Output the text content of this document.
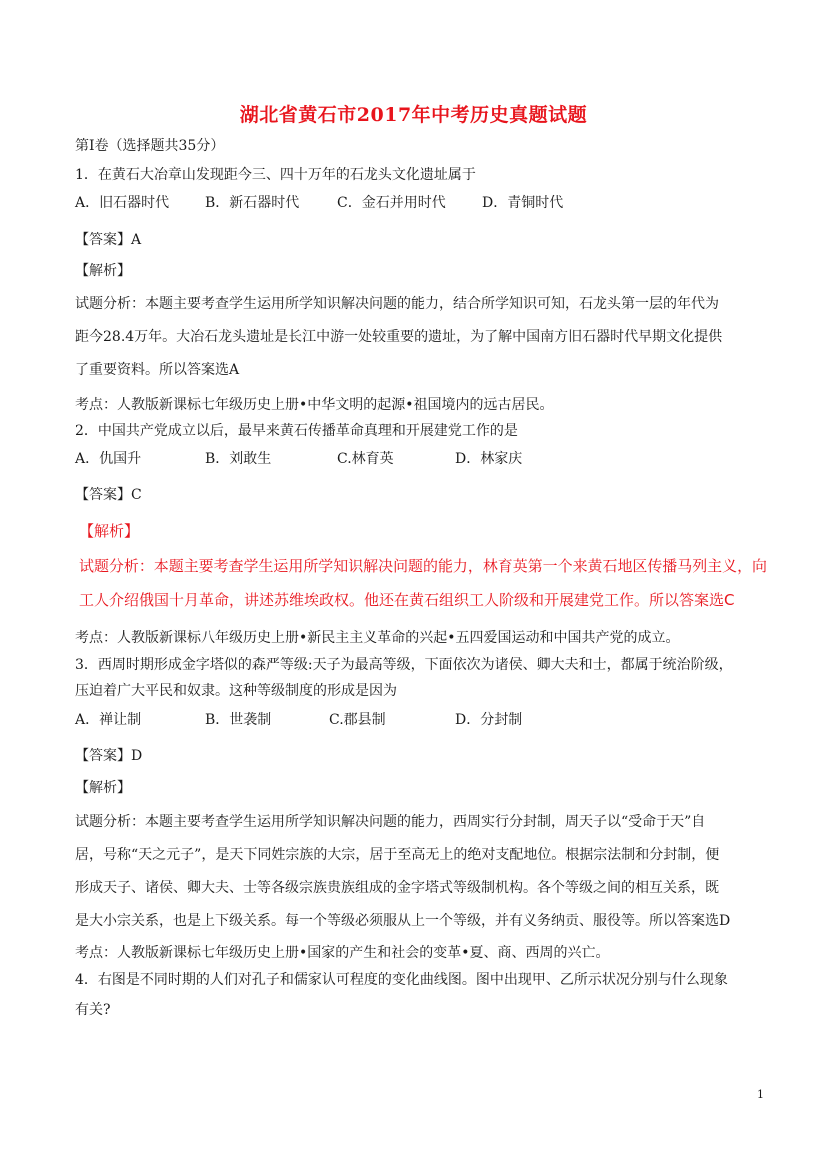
湖北省黄石市2017年中考历史真题试题
第Ⅰ卷（选择题共35分）
1．在黄石大冶章山发现距今三、四十万年的石龙头文化遗址属于
A．旧石器时代	B．新石器时代	C．金石并用时代	D．青铜时代
【答案】A
【解析】
试题分析：本题主要考查学生运用所学知识解决问题的能力，结合所学知识可知，石龙头第一层的年代为
距今28.4万年。大冶石龙头遗址是长江中游一处较重要的遗址，为了解中国南方旧石器时代早期文化提供
了重要资料。所以答案选A
考点：人教版新课标七年级历史上册•中华文明的起源•祖国境内的远古居民。
2．中国共产党成立以后，最早来黄石传播革命真理和开展建党工作的是
A．仇国升	B．刘敢生	C.林育英	D．林家庆
【答案】C
【解析】
试题分析：本题主要考查学生运用所学知识解决问题的能力，林育英第一个来黄石地区传播马列主义，向
工人介绍俄国十月革命，讲述苏维埃政权。他还在黄石组织工人阶级和开展建党工作。所以答案选C
考点：人教版新课标八年级历史上册•新民主主义革命的兴起•五四爱国运动和中国共产党的成立。
3．西周时期形成金字塔似的森严等级:天子为最高等级，下面依次为诸侯、卿大夫和士，都属于统治阶级，
压迫着广大平民和奴隶。这种等级制度的形成是因为
A．禅让制	B．世袭制	C.郡县制	D．分封制
【答案】D
【解析】
试题分析：本题主要考查学生运用所学知识解决问题的能力，西周实行分封制，周天子以“受命于天”自
居，号称“天之元子”，是天下同姓宗族的大宗，居于至高无上的绝对支配地位。根据宗法制和分封制，便
形成天子、诸侯、卿大夫、士等各级宗族贵族组成的金字塔式等级制机构。各个等级之间的相互关系，既
是大小宗关系，也是上下级关系。每一个等级必须服从上一个等级，并有义务纳贡、服役等。所以答案选D
考点：人教版新课标七年级历史上册•国家的产生和社会的变革•夏、商、西周的兴亡。
4．右图是不同时期的人们对孔子和儒家认可程度的变化曲线图。图中出现甲、乙所示状况分别与什么现象
有关?
1
